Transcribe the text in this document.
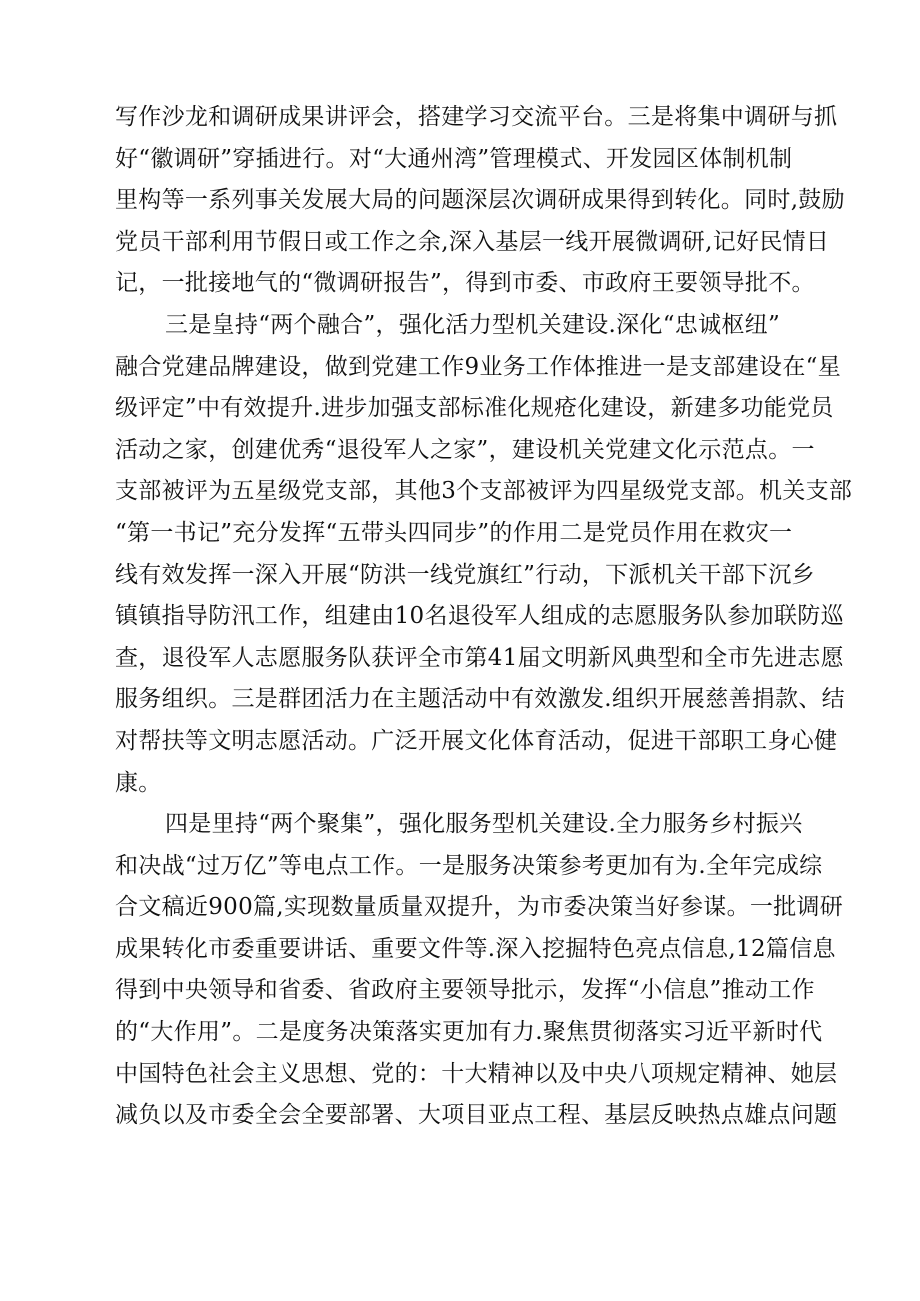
写作沙龙和调研成果讲评会，搭建学习交流平台。三是将集中调研与抓
好“徽调研”穿插进行。对“大通州湾”管理模式、开发园区体制机制
里构等一系列事关发展大局的问题深层次调研成果得到转化。同时,鼓励
党员干部利用节假日或工作之余,深入基层一线开展微调研,记好民情日
记，一批接地气的“微调研报告”，得到市委、市政府王要领导批不。
三是皇持“两个融合”，强化活力型机关建设.深化“忠诚枢纽”
融合党建品牌建设，做到党建工作9业务工作体推进一是支部建设在“星
级评定”中有效提升.进步加强支部标准化规疮化建设，新建多功能党员
活动之家，创建优秀“退役军人之家”，建设机关党建文化示范点。一
支部被评为五星级党支部，其他3个支部被评为四星级党支部。机关支部
“第一书记”充分发挥“五带头四同步”的作用二是党员作用在救灾一
线有效发挥一深入开展“防洪一线党旗红”行动，下派机关干部下沉乡
镇镇指导防汛工作，组建由10名退役军人组成的志愿服务队参加联防巡
查，退役军人志愿服务队获评全市第41届文明新风典型和全市先进志愿
服务组织。三是群团活力在主题活动中有效激发.组织开展慈善捐款、结
对帮扶等文明志愿活动。广泛开展文化体育活动，促进干部职工身心健
康。
四是里持“两个聚集”，强化服务型机关建设.全力服务乡村振兴
和决战“过万亿”等电点工作。一是服务决策参考更加有为.全年完成综
合文稿近900篇,实现数量质量双提升，为市委决策当好参谋。一批调研
成果转化市委重要讲话、重要文件等.深入挖掘特色亮点信息,12篇信息
得到中央领导和省委、省政府主要领导批示，发挥“小信息”推动工作
的“大作用”。二是度务决策落实更加有力.聚焦贯彻落实习近平新时代
中国特色社会主义思想、党的：十大精神以及中央八项规定精神、她层
减负以及市委全会全要部署、大项目亚点工程、基层反映热点雄点问题
